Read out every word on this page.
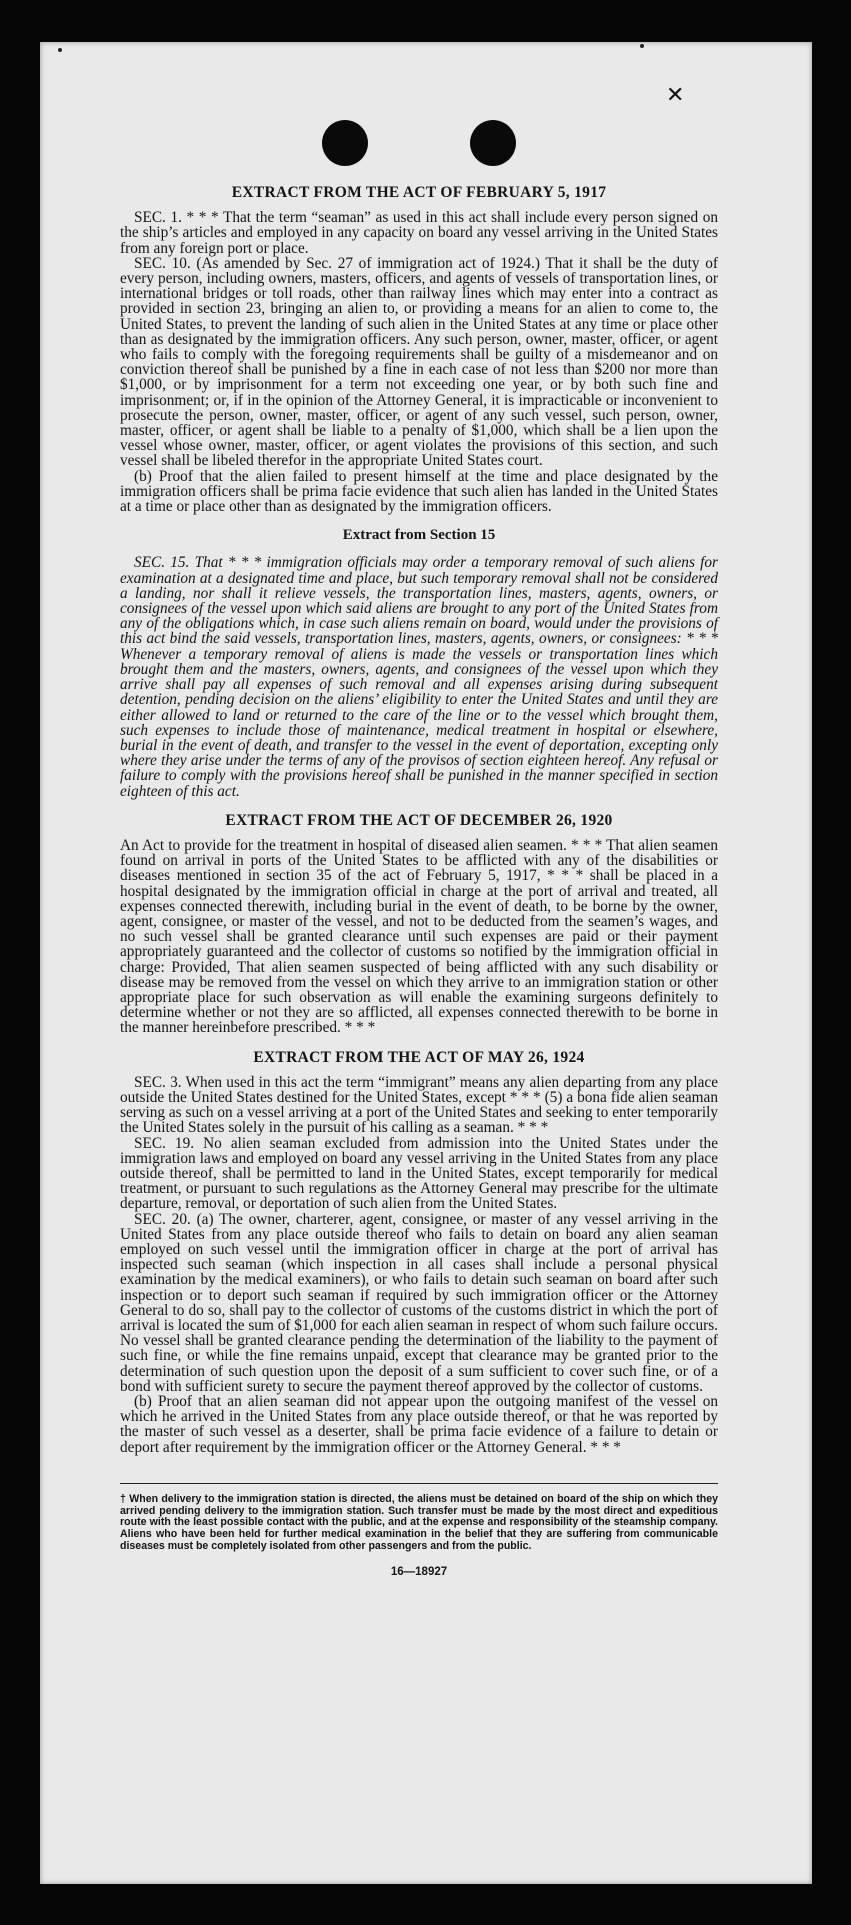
✕
EXTRACT FROM THE ACT OF FEBRUARY 5, 1917

SEC. 1. * * * That the term “seaman” as used in this act shall include every person signed on the ship’s articles and employed in any capacity on board any vessel arriving in the United States from any foreign port or place.

SEC. 10. (As amended by Sec. 27 of immigration act of 1924.) That it shall be the duty of every person, including owners, masters, officers, and agents of vessels of transportation lines, or international bridges or toll roads, other than railway lines which may enter into a contract as provided in section 23, bringing an alien to, or providing a means for an alien to come to, the United States, to prevent the landing of such alien in the United States at any time or place other than as designated by the immigration officers. Any such person, owner, master, officer, or agent who fails to comply with the foregoing requirements shall be guilty of a misdemeanor and on conviction thereof shall be punished by a fine in each case of not less than $200 nor more than $1,000, or by imprisonment for a term not exceeding one year, or by both such fine and imprisonment; or, if in the opinion of the Attorney General, it is impracticable or inconvenient to prosecute the person, owner, master, officer, or agent of any such vessel, such person, owner, master, officer, or agent shall be liable to a penalty of $1,000, which shall be a lien upon the vessel whose owner, master, officer, or agent violates the provisions of this section, and such vessel shall be libeled therefor in the appropriate United States court.

(b) Proof that the alien failed to present himself at the time and place designated by the immigration officers shall be prima facie evidence that such alien has landed in the United States at a time or place other than as designated by the immigration officers.

Extract from Section 15

SEC. 15. That * * * immigration officials may order a temporary removal of such aliens for examination at a designated time and place, but such temporary removal shall not be considered a landing, nor shall it relieve vessels, the transportation lines, masters, agents, owners, or consignees of the vessel upon which said aliens are brought to any port of the United States from any of the obligations which, in case such aliens remain on board, would under the provisions of this act bind the said vessels, transportation lines, masters, agents, owners, or consignees: * * * Whenever a temporary removal of aliens is made the vessels or transportation lines which brought them and the masters, owners, agents, and consignees of the vessel upon which they arrive shall pay all expenses of such removal and all expenses arising during subsequent detention, pending decision on the aliens’ eligibility to enter the United States and until they are either allowed to land or returned to the care of the line or to the vessel which brought them, such expenses to include those of maintenance, medical treatment in hospital or elsewhere, burial in the event of death, and transfer to the vessel in the event of deportation, excepting only where they arise under the terms of any of the provisos of section eighteen hereof. Any refusal or failure to comply with the provisions hereof shall be punished in the manner specified in section eighteen of this act.

EXTRACT FROM THE ACT OF DECEMBER 26, 1920

An Act to provide for the treatment in hospital of diseased alien seamen. * * * That alien seamen found on arrival in ports of the United States to be afflicted with any of the disabilities or diseases mentioned in section 35 of the act of February 5, 1917, * * * shall be placed in a hospital designated by the immigration official in charge at the port of arrival and treated, all expenses connected therewith, including burial in the event of death, to be borne by the owner, agent, consignee, or master of the vessel, and not to be deducted from the seamen’s wages, and no such vessel shall be granted clearance until such expenses are paid or their payment appropriately guaranteed and the collector of customs so notified by the immigration official in charge: Provided, That alien seamen suspected of being afflicted with any such disability or disease may be removed from the vessel on which they arrive to an immigration station or other appropriate place for such observation as will enable the examining surgeons definitely to determine whether or not they are so afflicted, all expenses connected therewith to be borne in the manner hereinbefore prescribed. * * *

EXTRACT FROM THE ACT OF MAY 26, 1924

SEC. 3. When used in this act the term “immigrant” means any alien departing from any place outside the United States destined for the United States, except * * * (5) a bona fide alien seaman serving as such on a vessel arriving at a port of the United States and seeking to enter temporarily the United States solely in the pursuit of his calling as a seaman. * * *

SEC. 19. No alien seaman excluded from admission into the United States under the immigration laws and employed on board any vessel arriving in the United States from any place outside thereof, shall be permitted to land in the United States, except temporarily for medical treatment, or pursuant to such regulations as the Attorney General may prescribe for the ultimate departure, removal, or deportation of such alien from the United States.

SEC. 20. (a) The owner, charterer, agent, consignee, or master of any vessel arriving in the United States from any place outside thereof who fails to detain on board any alien seaman employed on such vessel until the immigration officer in charge at the port of arrival has inspected such seaman (which inspection in all cases shall include a personal physical examination by the medical examiners), or who fails to detain such seaman on board after such inspection or to deport such seaman if required by such immigration officer or the Attorney General to do so, shall pay to the collector of customs of the customs district in which the port of arrival is located the sum of $1,000 for each alien seaman in respect of whom such failure occurs. No vessel shall be granted clearance pending the determination of the liability to the payment of such fine, or while the fine remains unpaid, except that clearance may be granted prior to the determination of such question upon the deposit of a sum sufficient to cover such fine, or of a bond with sufficient surety to secure the payment thereof approved by the collector of customs.

(b) Proof that an alien seaman did not appear upon the outgoing manifest of the vessel on which he arrived in the United States from any place outside thereof, or that he was reported by the master of such vessel as a deserter, shall be prima facie evidence of a failure to detain or deport after requirement by the immigration officer or the Attorney General. * * *

† When delivery to the immigration station is directed, the aliens must be detained on board of the ship on which they arrived pending delivery to the immigration station. Such transfer must be made by the most direct and expeditious route with the least possible contact with the public, and at the expense and responsibility of the steamship company. Aliens who have been held for further medical examination in the belief that they are suffering from communicable diseases must be completely isolated from other passengers and from the public.
16—18927
